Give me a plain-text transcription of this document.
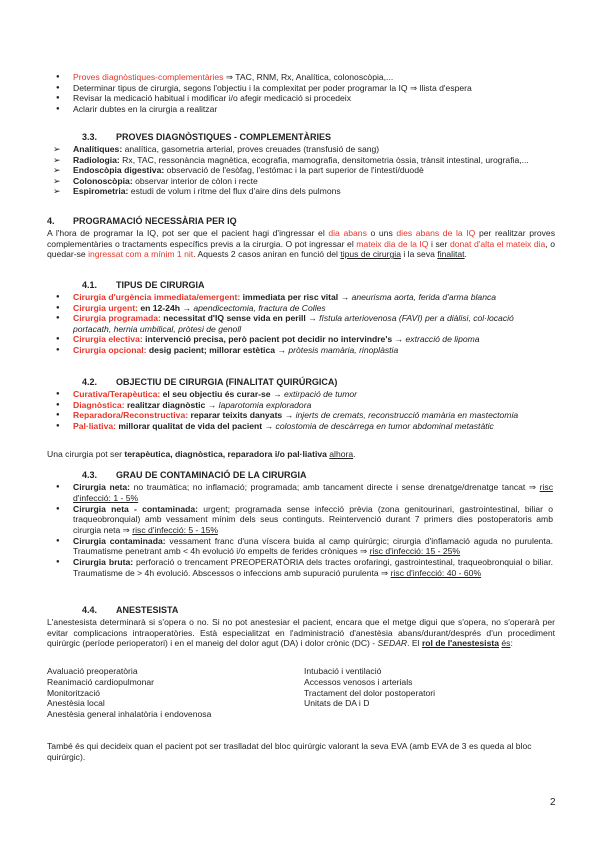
● Proves diagnòstiques-complementàries ⇒ TAC, RNM, Rx, Analítica, colonoscòpia,...
● Determinar tipus de cirurgia, segons l'objectiu i la complexitat per poder programar la IQ ⇒ llista d'espera
● Revisar la medicació habitual i modificar i/o afegir medicació si procedeix
● Aclarir dubtes en la cirurgia a realitzar
3.3. PROVES DIAGNÒSTIQUES - COMPLEMENTÀRIES
➢ Analítiques: analítica, gasometria arterial, proves creuades (transfusió de sang)
➢ Radiologia: Rx, TAC, ressonància magnètica, ecografia, mamografia, densitometria òssia, trànsit intestinal, urografia,...
➢ Endoscòpia digestiva: observació de l'esòfag, l'estómac i la part superior de l'intestí/duodè
➢ Colonoscòpia: observar interior de còlon i recte
➢ Espirometria: estudi de volum i ritme del flux d'aire dins dels pulmons
4. PROGRAMACIÓ NECESSÀRIA PER IQ
A l'hora de programar la IQ, pot ser que el pacient hagi d'ingressar el dia abans o uns dies abans de la IQ per realitzar proves complementàries o tractaments específics previs a la cirurgia. O pot ingressar el mateix dia de la IQ i ser donat d'alta el mateix dia, o quedar-se ingressat com a mínim 1 nit. Aquests 2 casos aniran en funció del tipus de cirurgia i la seva finalitat.
4.1. TIPUS DE CIRURGIA
● Cirurgia d'urgència immediata/emergent: immediata per risc vital → aneurisma aorta, ferida d'arma blanca
● Cirurgia urgent: en 12-24h → apendicectomia, fractura de Colles
● Cirurgia programada: necessitat d'IQ sense vida en perill → fístula arteriovenosa (FAVI) per a diàlisi, col·locació portacath, hernia umbilical, pròtesi de genoll
● Cirurgia electiva: intervenció precisa, però pacient pot decidir no intervindre's → extracció de lipoma
● Cirurgia opcional: desig pacient; millorar estètica → pròtesis mamària, rinoplàstia
4.2. OBJECTIU DE CIRURGIA (FINALITAT QUIRÚRGICA)
● Curativa/Terapèutica: el seu objectiu és curar-se → extirpació de tumor
● Diagnòstica: realitzar diagnòstic → laparotomia exploradora
● Reparadora/Reconstructiva: reparar teixits danyats → injerts de cremats, reconstrucció mamària en mastectomia
● Pal·liativa: millorar qualitat de vida del pacient → colostomia de descàrrega en tumor abdominal metastàtic
Una cirurgia pot ser terapèutica, diagnòstica, reparadora i/o pal·liativa alhora.
4.3. GRAU DE CONTAMINACIÓ DE LA CIRURGIA
● Cirurgia neta: no traumàtica; no inflamació; programada; amb tancament directe i sense drenatge/drenatge tancat ⇒ risc d'infecció: 1 - 5%
● Cirurgia neta - contaminada: urgent; programada sense infecció prèvia (zona genitourinari, gastrointestinal, biliar o traqueobronquial) amb vessament mínim dels seus continguts. Reintervenció durant 7 primers dies postoperatoris amb cirurgia neta ⇒ risc d'infecció: 5 - 15%
● Cirurgia contaminada: vessament franc d'una víscera buida al camp quirúrgic; cirurgia d'inflamació aguda no purulenta. Traumatisme penetrant amb < 4h evolució i/o empelts de ferides cròniques ⇒ risc d'infecció: 15 - 25%
● Cirurgia bruta: perforació o trencament PREOPERATÒRIA dels tractes orofaringi, gastrointestinal, traqueobronquial o biliar. Traumatisme de > 4h evolució. Abscessos o infeccions amb supuració purulenta ⇒ risc d'infecció: 40 - 60%
4.4. ANESTESISTA
L'anestesista determinarà si s'opera o no. Si no pot anestesiar el pacient, encara que el metge digui que s'opera, no s'operarà per evitar complicacions intraoperatòries. Està especialitzat en l'administració d'anestèsia abans/durant/després d'un procediment quirúrgic (període perioperatori) i en el maneig del dolor agut (DA) i dolor crònic (DC) - SEDAR. El rol de l'anestesista és:
Avaluació preoperatòria
Reanimació cardiopulmonar
Monitorització
Anestèsia local
Anestèsia general inhalatòria i endovenosa
Intubació i ventilació
Accessos venosos i arterials
Tractament del dolor postoperatori
Unitats de DA i D
També és qui decideix quan el pacient pot ser traslladat del bloc quirúrgic valorant la seva EVA (amb EVA de 3 es queda al bloc quirúrgic).
2
